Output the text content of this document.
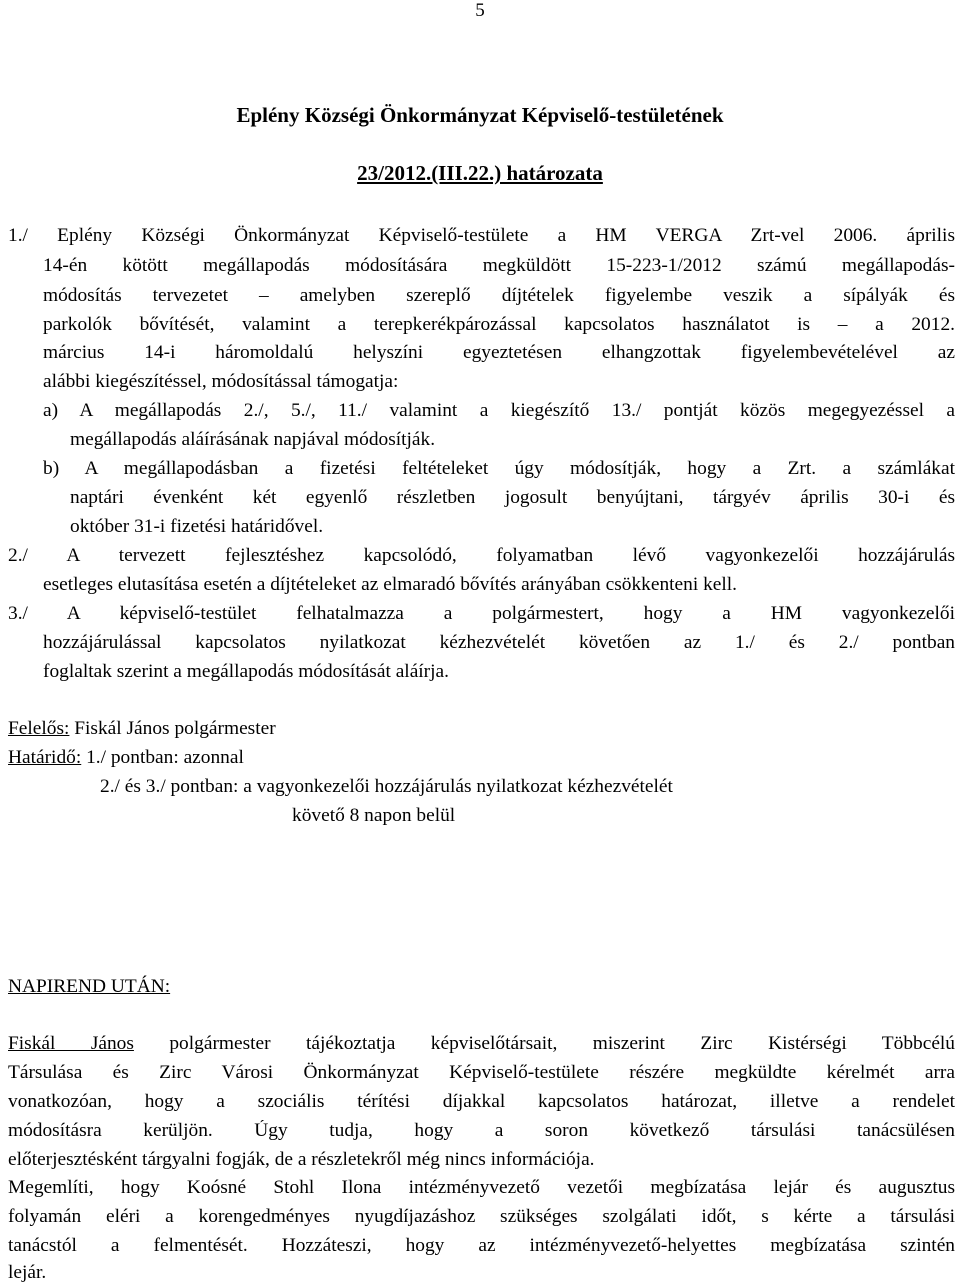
5
Eplény Községi Önkormányzat Képviselő-testületének
23/2012.(III.22.) határozata
1./ Eplény Községi Önkormányzat Képviselő-testülete a HM VERGA Zrt-vel 2006. április
14-én kötött megállapodás módosítására megküldött 15-223-1/2012 számú megállapodás-
módosítás tervezetet – amelyben szereplő díjtételek figyelembe veszik a sípályák és
parkolók bővítését, valamint a terepkerékpározással kapcsolatos használatot is – a 2012.
március 14-i háromoldalú helyszíni egyeztetésen elhangzottak figyelembevételével az
alábbi kiegészítéssel, módosítással támogatja:
a) A megállapodás 2./, 5./, 11./ valamint a kiegészítő 13./ pontját közös megegyezéssel a
megállapodás aláírásának napjával módosítják.
b) A megállapodásban a fizetési feltételeket úgy módosítják, hogy a Zrt. a számlákat
naptári évenként két egyenlő részletben jogosult benyújtani, tárgyév április 30-i és
október 31-i fizetési határidővel.
2./ A tervezett fejlesztéshez kapcsolódó, folyamatban lévő vagyonkezelői hozzájárulás
esetleges elutasítása esetén a díjtételeket az elmaradó bővítés arányában csökkenteni kell.
3./ A képviselő-testület felhatalmazza a polgármestert, hogy a HM vagyonkezelői
hozzájárulással kapcsolatos nyilatkozat kézhezvételét követően az 1./ és 2./ pontban
foglaltak szerint a megállapodás módosítását aláírja.
Felelős: Fiskál János polgármester
Határidő: 1./ pontban: azonnal
2./ és 3./ pontban: a vagyonkezelői hozzájárulás nyilatkozat kézhezvételét
követő 8 napon belül
NAPIREND UTÁN:
Fiskál János polgármester tájékoztatja képviselőtársait, miszerint Zirc Kistérségi Többcélú
Társulása és Zirc Városi Önkormányzat Képviselő-testülete részére megküldte kérelmét arra
vonatkozóan, hogy a szociális térítési díjakkal kapcsolatos határozat, illetve a rendelet
módosításra kerüljön. Úgy tudja, hogy a soron következő társulási tanácsülésen
előterjesztésként tárgyalni fogják, de a részletekről még nincs információja.
Megemlíti, hogy Koósné Stohl Ilona intézményvezető vezetői megbízatása lejár és augusztus
folyamán eléri a korengedményes nyugdíjazáshoz szükséges szolgálati időt, s kérte a társulási
tanácstól a felmentését. Hozzáteszi, hogy az intézményvezető-helyettes megbízatása szintén
lejár.
